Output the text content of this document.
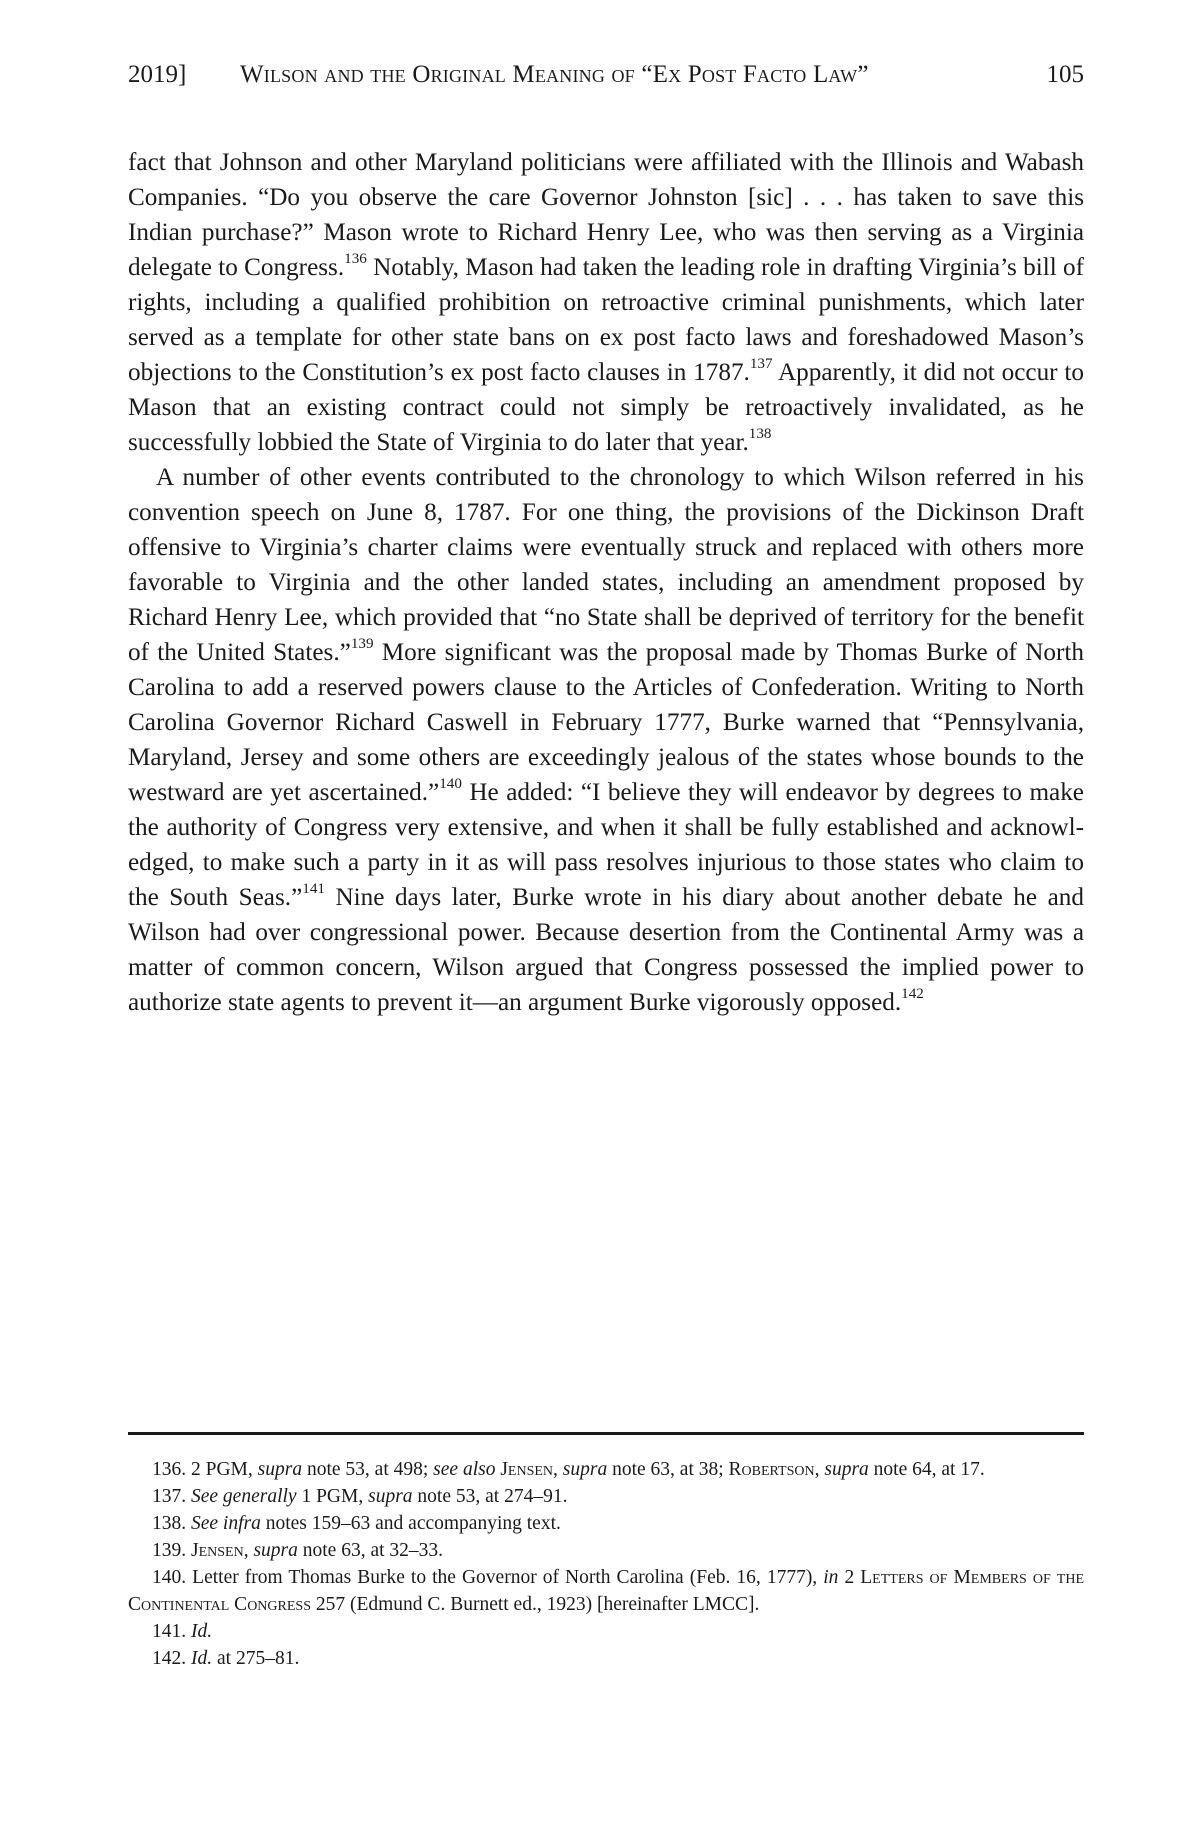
2019] Wilson and the Original Meaning of “Ex Post Facto Law”	105

fact that Johnson and other Maryland politicians were affiliated with the Illinois and Wabash Companies. “Do you observe the care Governor Johnston [sic] . . . has taken to save this Indian purchase?” Mason wrote to Richard Henry Lee, who was then serving as a Virginia delegate to Congress.$^{136}$ Notably, Mason had taken the leading role in drafting Virginia’s bill of rights, including a qualified prohibition on retroactive criminal punishments, which later served as a template for other state bans on ex post facto laws and foreshadowed Mason’s objections to the Constitution’s ex post facto clauses in 1787.$^{137}$ Apparently, it did not occur to Mason that an existing contract could not simply be retroactively invalidated, as he successfully lobbied the State of Virginia to do later that year.$^{138}$

A number of other events contributed to the chronology to which Wilson referred in his convention speech on June 8, 1787. For one thing, the provisions of the Dickinson Draft offensive to Virginia’s charter claims were eventually struck and replaced with others more favorable to Virginia and the other landed states, including an amendment proposed by Richard Henry Lee, which provided that “no State shall be deprived of territory for the benefit of the United States.”$^{139}$ More significant was the proposal made by Thomas Burke of North Carolina to add a reserved powers clause to the Articles of Confederation. Writing to North Carolina Governor Richard Caswell in February 1777, Burke warned that “Pennsylvania, Maryland, Jersey and some others are exceedingly jealous of the states whose bounds to the westward are yet ascertained.”$^{140}$ He added: “I believe they will endeavor by degrees to make the authority of Congress very extensive, and when it shall be fully established and acknowledged, to make such a party in it as will pass resolves injurious to those states who claim to the South Seas.”$^{141}$ Nine days later, Burke wrote in his diary about another debate he and Wilson had over congressional power. Because desertion from the Continental Army was a matter of common concern, Wilson argued that Congress possessed the implied power to authorize state agents to prevent it—an argument Burke vigorously opposed.$^{142}$

136. 2 PGM, supra note 53, at 498; see also Jensen, supra note 63, at 38; Robertson, supra note 64, at 17.

137. See generally 1 PGM, supra note 53, at 274–91.

138. See infra notes 159–63 and accompanying text.

139. Jensen, supra note 63, at 32–33.

140. Letter from Thomas Burke to the Governor of North Carolina (Feb. 16, 1777), in 2 Letters of Members of the Continental Congress 257 (Edmund C. Burnett ed., 1923) [hereinafter LMCC].

141. Id.

142. Id. at 275–81.
